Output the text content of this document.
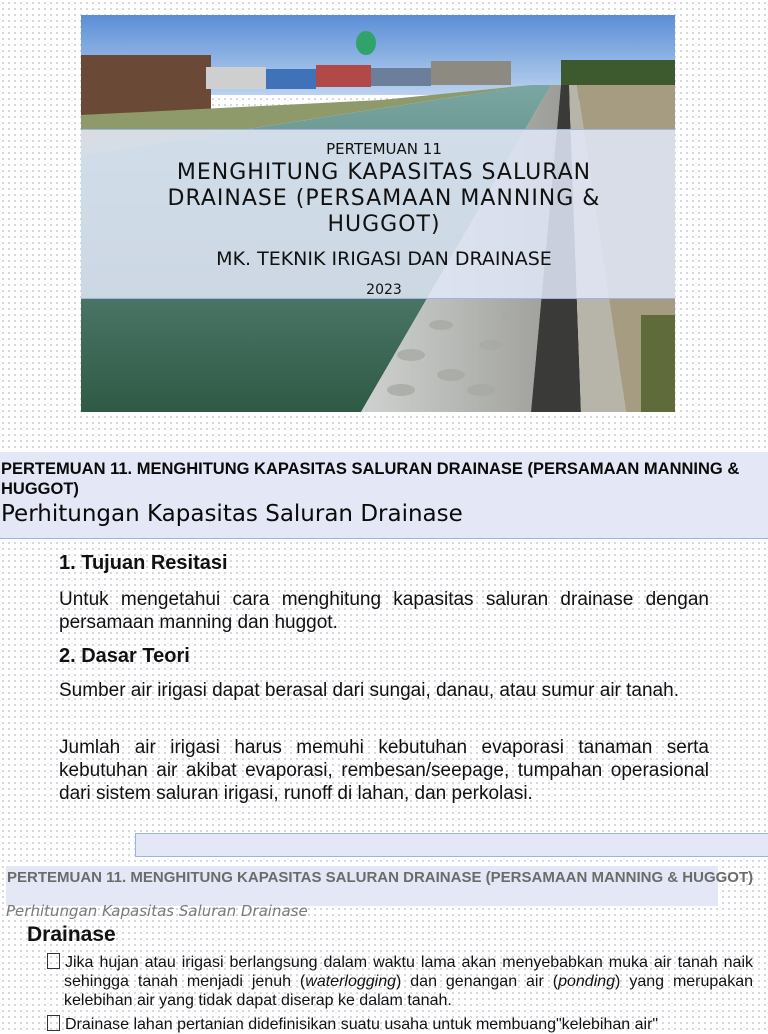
PERTEMUAN 11
MENGHITUNG KAPASITAS SALURAN DRAINASE (PERSAMAAN MANNING & HUGGOT)
MK. TEKNIK IRIGASI DAN DRAINASE
2023
PERTEMUAN 11. MENGHITUNG KAPASITAS SALURAN DRAINASE (PERSAMAAN MANNING & HUGGOT)
Perhitungan Kapasitas Saluran Drainase
1. Tujuan Resitasi

Untuk mengetahui cara menghitung kapasitas saluran drainase dengan persamaan manning dan huggot.

2. Dasar Teori

Sumber air irigasi dapat berasal dari sungai, danau, atau sumur air tanah.

Jumlah air irigasi harus memuhi kebutuhan evaporasi tanaman serta kebutuhan air akibat evaporasi, rembesan/seepage, tumpahan operasional dari sistem saluran irigasi, runoff di lahan, dan perkolasi.

PERTEMUAN 11. MENGHITUNG KAPASITAS SALURAN DRAINASE (PERSAMAAN MANNING & HUGGOT)
Perhitungan Kapasitas Saluran Drainase
Drainase
Jika hujan atau irigasi berlangsung dalam waktu lama akan menyebabkan muka air tanah naik sehingga tanah menjadi jenuh (waterlogging) dan genangan air (ponding) yang merupakan kelebihan air yang tidak dapat diserap ke dalam tanah.
Drainase lahan pertanian didefinisikan suatu usaha untuk membuang"kelebihan air"
